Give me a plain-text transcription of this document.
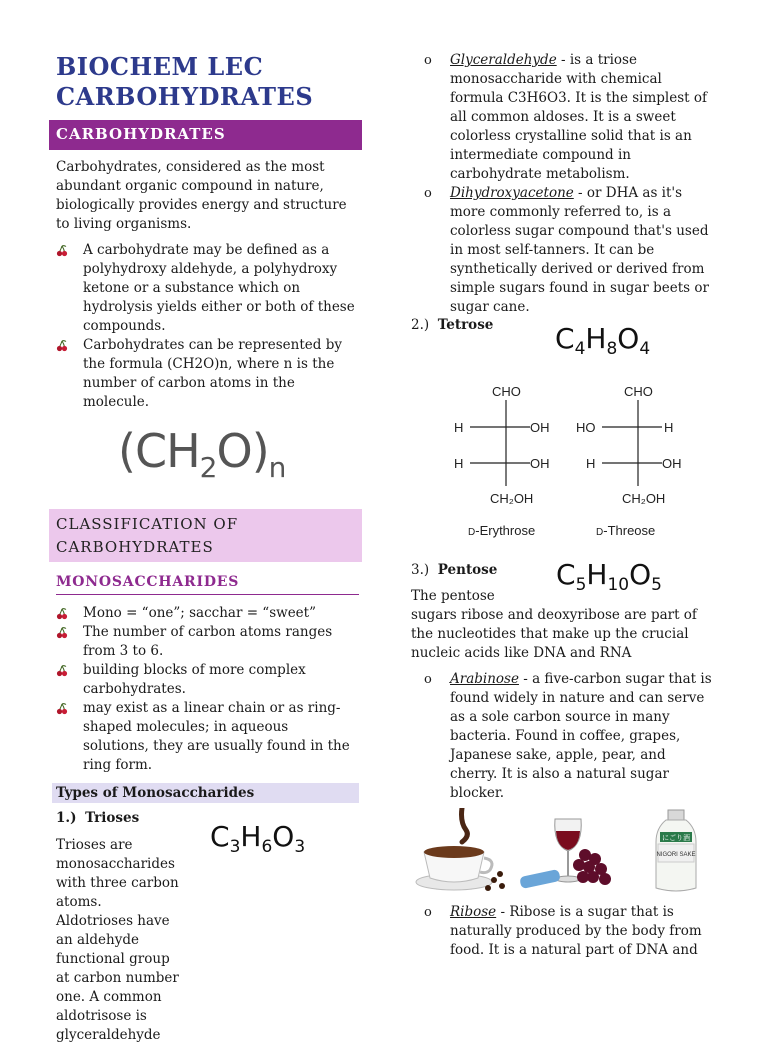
BIOCHEM LEC
CARBOHYDRATES
CARBOHYDRATES
Carbohydrates, considered as the most abundant organic compound in nature, biologically provides energy and structure to living organisms.
A carbohydrate may be defined as a polyhydroxy aldehyde, a polyhydroxy ketone or a substance which on hydrolysis yields either or both of these compounds.
Carbohydrates can be represented by the formula (CH2O)n, where n is the number of carbon atoms in the molecule.
$(CH_2O)_n$
CLASSIFICATION OF CARBOHYDRATES
MONOSACCHARIDES
Mono = “one”; sacchar = “sweet”
The number of carbon atoms ranges from 3 to 6.
building blocks of more complex carbohydrates.
may exist as a linear chain or as ring-shaped molecules; in aqueous solutions, they are usually found in the ring form.
Types of Monosaccharides
1.) Trioses
$C_3H_6O_3$
Trioses are monosaccharides with three carbon atoms. Aldotrioses have an aldehyde functional group at carbon number one. A common aldotrisose is glyceraldehyde
o Glyceraldehyde - is a triose monosaccharide with chemical formula C3H6O3. It is the simplest of all common aldoses. It is a sweet colorless crystalline solid that is an intermediate compound in carbohydrate metabolism.
o Dihydroxyacetone - or DHA as it's more commonly referred to, is a colorless sugar compound that's used in most self-tanners. It can be synthetically derived or derived from simple sugars found in sugar beets or sugar cane.
2.) Tetrose $C_4H_8O_4$
CHO
H	OH
H	OH
CH₂OH
D-Erythrose
CHO
HO	H
H	OH
CH₂OH
D-Threose
3.) Pentose $C_5H_{10}O_5$
The pentose
sugars ribose and deoxyribose are part of the nucleotides that make up the crucial nucleic acids like DNA and RNA
o Arabinose - a five-carbon sugar that is found widely in nature and can serve as a sole carbon source in many bacteria. Found in coffee, grapes, Japanese sake, apple, pear, and cherry. It is also a natural sugar blocker.
にごり酒
NIGORI SAKE
o Ribose - Ribose is a sugar that is naturally produced by the body from food. It is a natural part of DNA and
